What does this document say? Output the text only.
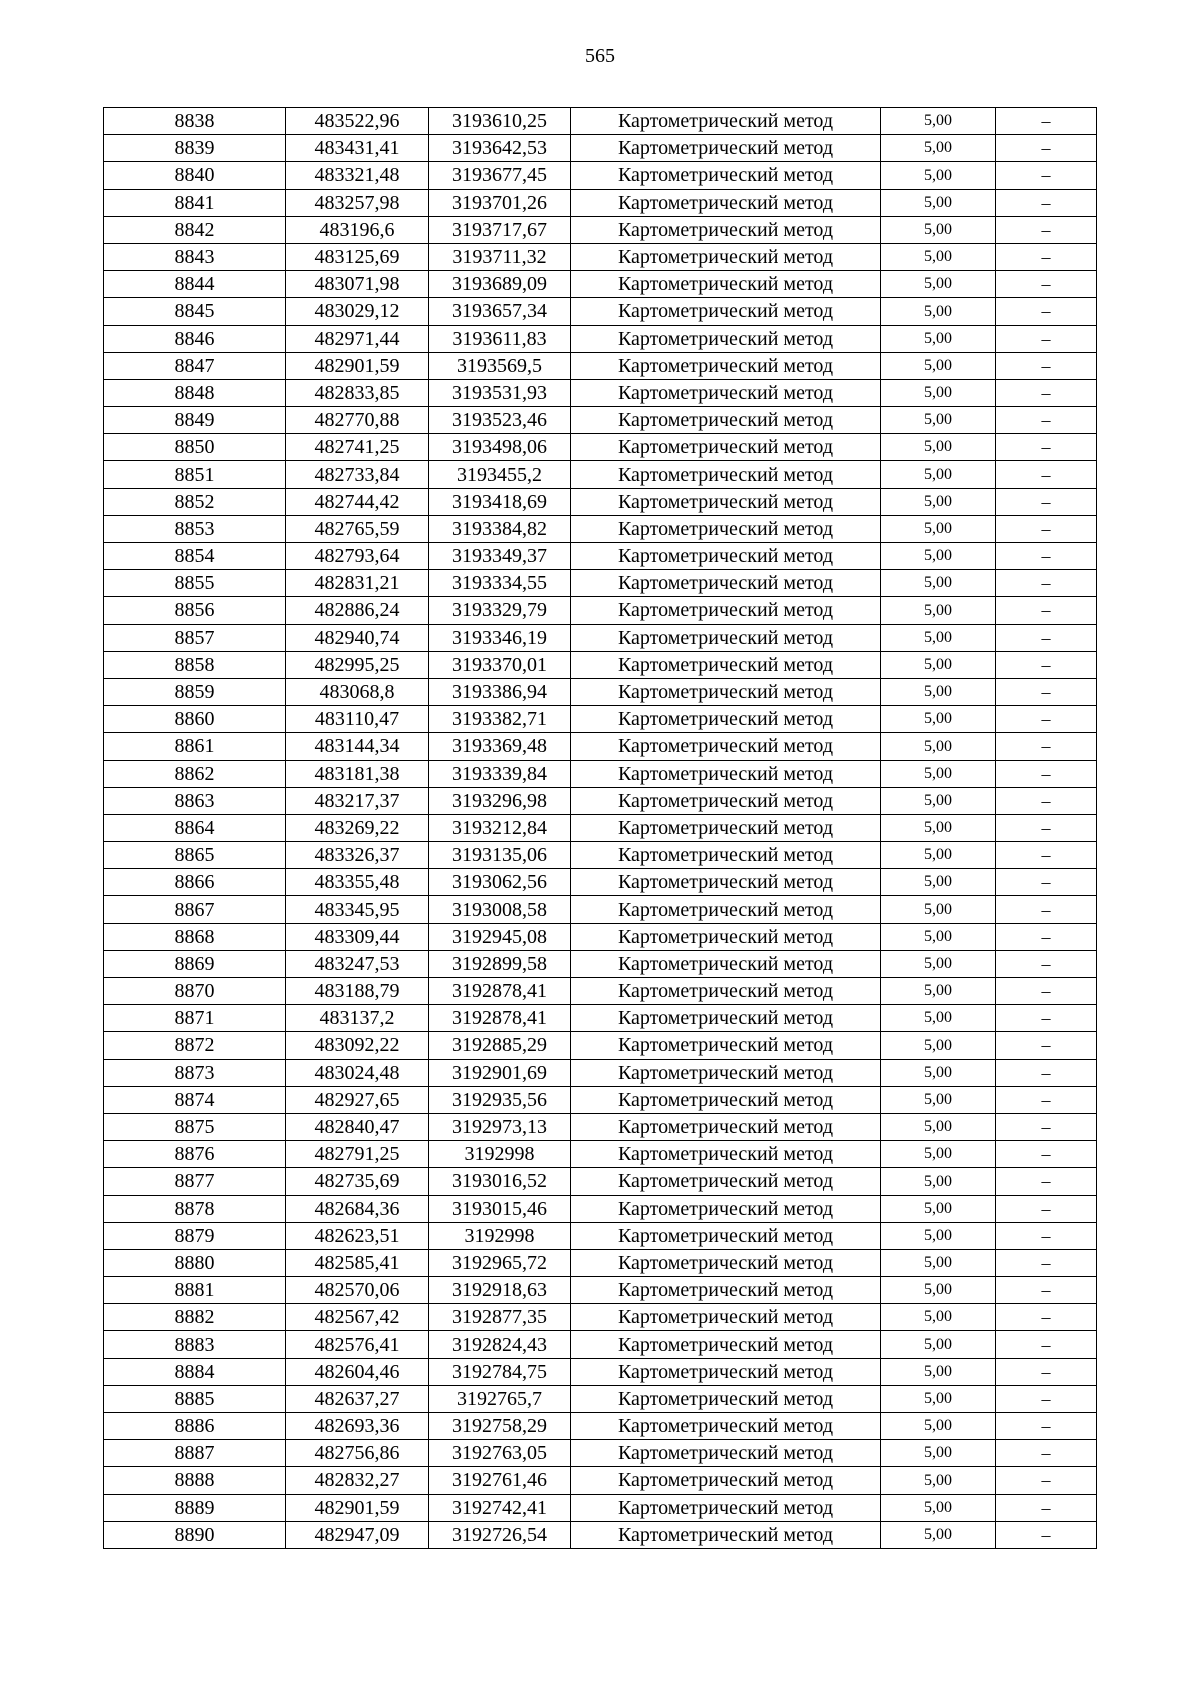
565
8838	483522,96	3193610,25	Картометрический метод	5,00	–
8839	483431,41	3193642,53	Картометрический метод	5,00	–
8840	483321,48	3193677,45	Картометрический метод	5,00	–
8841	483257,98	3193701,26	Картометрический метод	5,00	–
8842	483196,6	3193717,67	Картометрический метод	5,00	–
8843	483125,69	3193711,32	Картометрический метод	5,00	–
8844	483071,98	3193689,09	Картометрический метод	5,00	–
8845	483029,12	3193657,34	Картометрический метод	5,00	–
8846	482971,44	3193611,83	Картометрический метод	5,00	–
8847	482901,59	3193569,5	Картометрический метод	5,00	–
8848	482833,85	3193531,93	Картометрический метод	5,00	–
8849	482770,88	3193523,46	Картометрический метод	5,00	–
8850	482741,25	3193498,06	Картометрический метод	5,00	–
8851	482733,84	3193455,2	Картометрический метод	5,00	–
8852	482744,42	3193418,69	Картометрический метод	5,00	–
8853	482765,59	3193384,82	Картометрический метод	5,00	–
8854	482793,64	3193349,37	Картометрический метод	5,00	–
8855	482831,21	3193334,55	Картометрический метод	5,00	–
8856	482886,24	3193329,79	Картометрический метод	5,00	–
8857	482940,74	3193346,19	Картометрический метод	5,00	–
8858	482995,25	3193370,01	Картометрический метод	5,00	–
8859	483068,8	3193386,94	Картометрический метод	5,00	–
8860	483110,47	3193382,71	Картометрический метод	5,00	–
8861	483144,34	3193369,48	Картометрический метод	5,00	–
8862	483181,38	3193339,84	Картометрический метод	5,00	–
8863	483217,37	3193296,98	Картометрический метод	5,00	–
8864	483269,22	3193212,84	Картометрический метод	5,00	–
8865	483326,37	3193135,06	Картометрический метод	5,00	–
8866	483355,48	3193062,56	Картометрический метод	5,00	–
8867	483345,95	3193008,58	Картометрический метод	5,00	–
8868	483309,44	3192945,08	Картометрический метод	5,00	–
8869	483247,53	3192899,58	Картометрический метод	5,00	–
8870	483188,79	3192878,41	Картометрический метод	5,00	–
8871	483137,2	3192878,41	Картометрический метод	5,00	–
8872	483092,22	3192885,29	Картометрический метод	5,00	–
8873	483024,48	3192901,69	Картометрический метод	5,00	–
8874	482927,65	3192935,56	Картометрический метод	5,00	–
8875	482840,47	3192973,13	Картометрический метод	5,00	–
8876	482791,25	3192998	Картометрический метод	5,00	–
8877	482735,69	3193016,52	Картометрический метод	5,00	–
8878	482684,36	3193015,46	Картометрический метод	5,00	–
8879	482623,51	3192998	Картометрический метод	5,00	–
8880	482585,41	3192965,72	Картометрический метод	5,00	–
8881	482570,06	3192918,63	Картометрический метод	5,00	–
8882	482567,42	3192877,35	Картометрический метод	5,00	–
8883	482576,41	3192824,43	Картометрический метод	5,00	–
8884	482604,46	3192784,75	Картометрический метод	5,00	–
8885	482637,27	3192765,7	Картометрический метод	5,00	–
8886	482693,36	3192758,29	Картометрический метод	5,00	–
8887	482756,86	3192763,05	Картометрический метод	5,00	–
8888	482832,27	3192761,46	Картометрический метод	5,00	–
8889	482901,59	3192742,41	Картометрический метод	5,00	–
8890	482947,09	3192726,54	Картометрический метод	5,00	–
